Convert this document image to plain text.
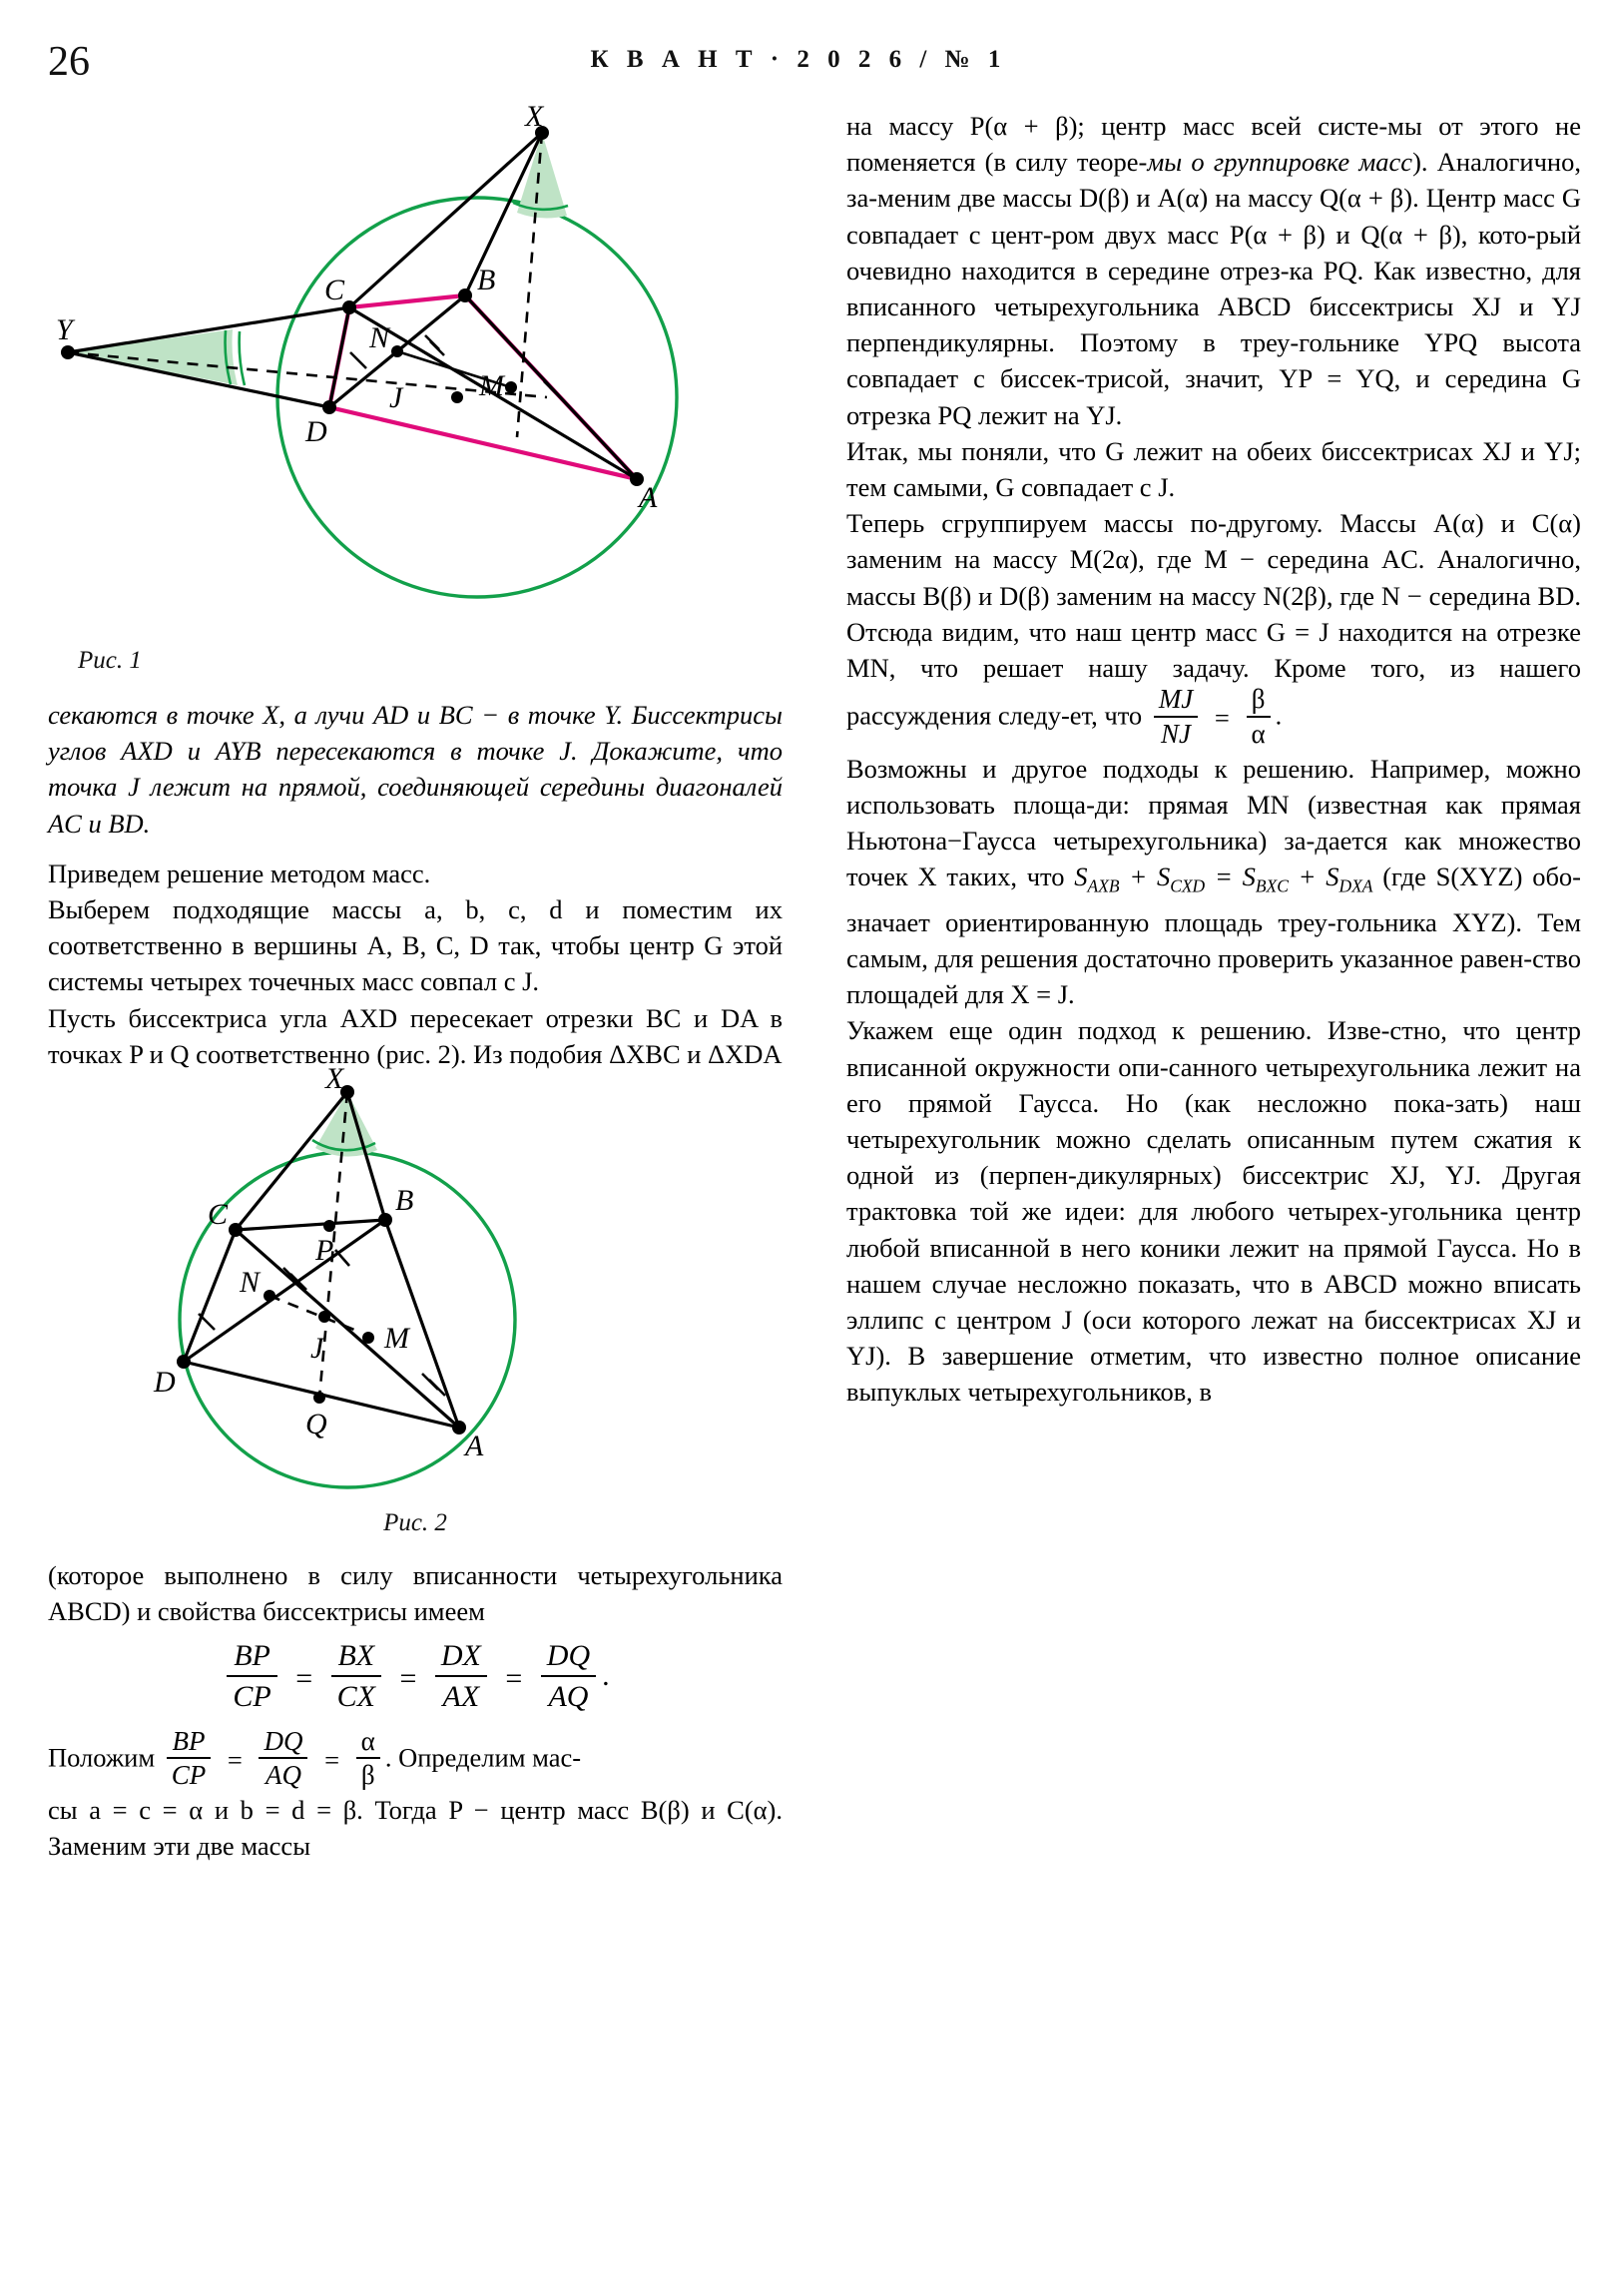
26	К В А Н Т · 2 0 2 6 / № 1
X
B
C
Y	N
J	M
D
A
Рис. 1

секаются в точке X, а лучи AD и BC − в точке Y. Биссектрисы углов AXD и AYB пересекаются в точке J. Докажите, что точка J лежит на прямой, соединяющей середины диагоналей AC и BD.

Приведем решение методом масс.

Выберем подходящие массы a, b, c, d и поместим их соответственно в вершины A, B, C, D так, чтобы центр G этой системы четырех точечных масс совпал с J.

Пусть биссектриса угла AXD пересекает отрезки BC и DA в точках P и Q соответственно (рис. 2). Из подобия ΔXBC и ΔXDA

X
B
C
P
N
J M
D
Q
A
Рис. 2

(которое выполнено в силу вписанности четырехугольника ABCD) и свойства биссектрисы имеем

$\frac{BP}{CP} = \frac{BX}{CX} = \frac{DX}{AX} = \frac{DQ}{AQ}$ .

Положим $\frac{BP}{CP} = \frac{DQ}{AQ} = \frac{\alpha}{\beta}$ . Определим мас-

сы a = c = α и b = d = β. Тогда P − центр масс B(β) и C(α). Заменим эти две массы

на массу P(α + β); центр масс всей систе-мы от этого не поменяется (в силу теоре-мы о группировке масс). Аналогично, за-меним две массы D(β) и A(α) на массу Q(α + β). Центр масс G совпадает с цент-ром двух масс P(α + β) и Q(α + β), кото-рый очевидно находится в середине отрез-ка PQ. Как известно, для вписанного четырехугольника ABCD биссектрисы XJ и YJ перпендикулярны. Поэтому в треу-гольнике YPQ высота совпадает с биссек-трисой, значит, YP = YQ, и середина G отрезка PQ лежит на YJ.

Итак, мы поняли, что G лежит на обеих биссектрисах XJ и YJ; тем самыми, G совпадает с J.

Теперь сгруппируем массы по-другому. Массы A(α) и C(α) заменим на массу M(2α), где M − середина AC. Аналогично, массы B(β) и D(β) заменим на массу N(2β), где N − середина BD. Отсюда видим, что наш центр масс G = J находится на отрезке MN, что решает нашу задачу. Кроме того, из нашего рассуждения следу-ет, что $\frac{MJ}{NJ} = \frac{\beta}{\alpha}$ .

Возможны и другое подходы к решению. Например, можно использовать площа-ди: прямая MN (известная как прямая Ньютона−Гаусса четырехугольника) за-дается как множество точек X таких, что $S_{AXB} + S_{CXD} = S_{BXC} + S_{DXA}$ (где S(XYZ) обо-значает ориентированную площадь треу-гольника XYZ). Тем самым, для решения достаточно проверить указанное равен-ство площадей для X = J.

Укажем еще один подход к решению. Изве-стно, что центр вписанной окружности опи-санного четырехугольника лежит на его прямой Гаусса. Но (как несложно пока-зать) наш четырехугольник можно сделать описанным путем сжатия к одной из (перпен-дикулярных) биссектрис XJ, YJ. Другая трактовка той же идеи: для любого четырех-угольника центр любой вписанной в него коники лежит на прямой Гаусса. Но в нашем случае несложно показать, что в ABCD можно вписать эллипс с центром J (оси которого лежат на биссектрисах XJ и YJ). В завершение отметим, что известно полное описание выпуклых четырехугольников, в
